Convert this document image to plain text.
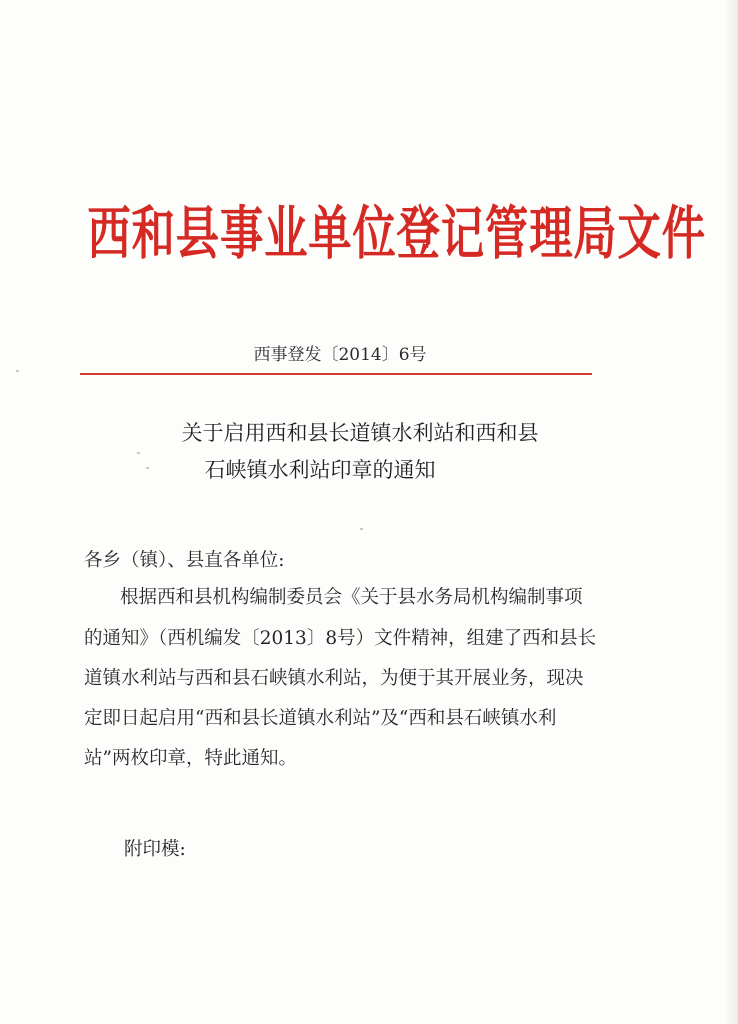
西和县事业单位登记管理局文件
西事登发〔2014〕6号
关于启用西和县长道镇水利站和西和县
石峡镇水利站印章的通知
各乡（镇）、县直各单位:
根据西和县机构编制委员会《关于县水务局机构编制事项
的通知》（西机编发〔2013〕8号）文件精神，组建了西和县长
道镇水利站与西和县石峡镇水利站，为便于其开展业务，现决
定即日起启用“西和县长道镇水利站”及“西和县石峡镇水利
站”两枚印章，特此通知。
附印模:
